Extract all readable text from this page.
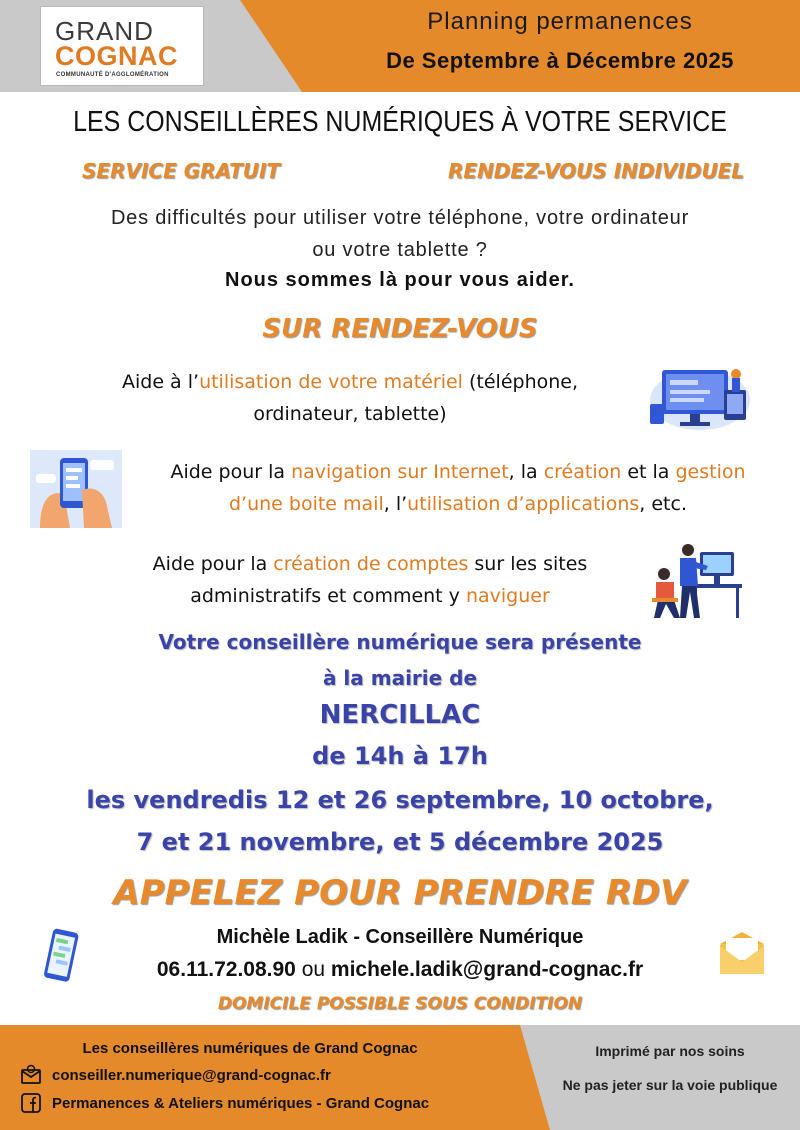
GRAND
COGNAC
COMMUNAUTÉ D'AGGLOMÉRATION
Planning permanences
De Septembre à Décembre 2025
LES CONSEILLÈRES NUMÉRIQUES À VOTRE SERVICE
SERVICE GRATUIT	RENDEZ-VOUS INDIVIDUEL
Des difficultés pour utiliser votre téléphone, votre ordinateur
ou votre tablette ?
Nous sommes là pour vous aider.
SUR RENDEZ-VOUS
Aide à l’utilisation de votre matériel (téléphone,
ordinateur, tablette)
Aide pour la navigation sur Internet, la création et la gestion
d’une boite mail, l’utilisation d’applications, etc.
Aide pour la création de comptes sur les sites
administratifs et comment y naviguer
Votre conseillère numérique sera présente
à la mairie de
NERCILLAC
de 14h à 17h
les vendredis 12 et 26 septembre, 10 octobre,
7 et 21 novembre, et 5 décembre 2025
APPELEZ POUR PRENDRE RDV
Michèle Ladik - Conseillère Numérique
06.11.72.08.90 ou michele.ladik@grand-cognac.fr
DOMICILE POSSIBLE SOUS CONDITION
Les conseillères numériques de Grand Cognac
conseiller.numerique@grand-cognac.fr
Permanences & Ateliers numériques - Grand Cognac
Imprimé par nos soins
Ne pas jeter sur la voie publique
